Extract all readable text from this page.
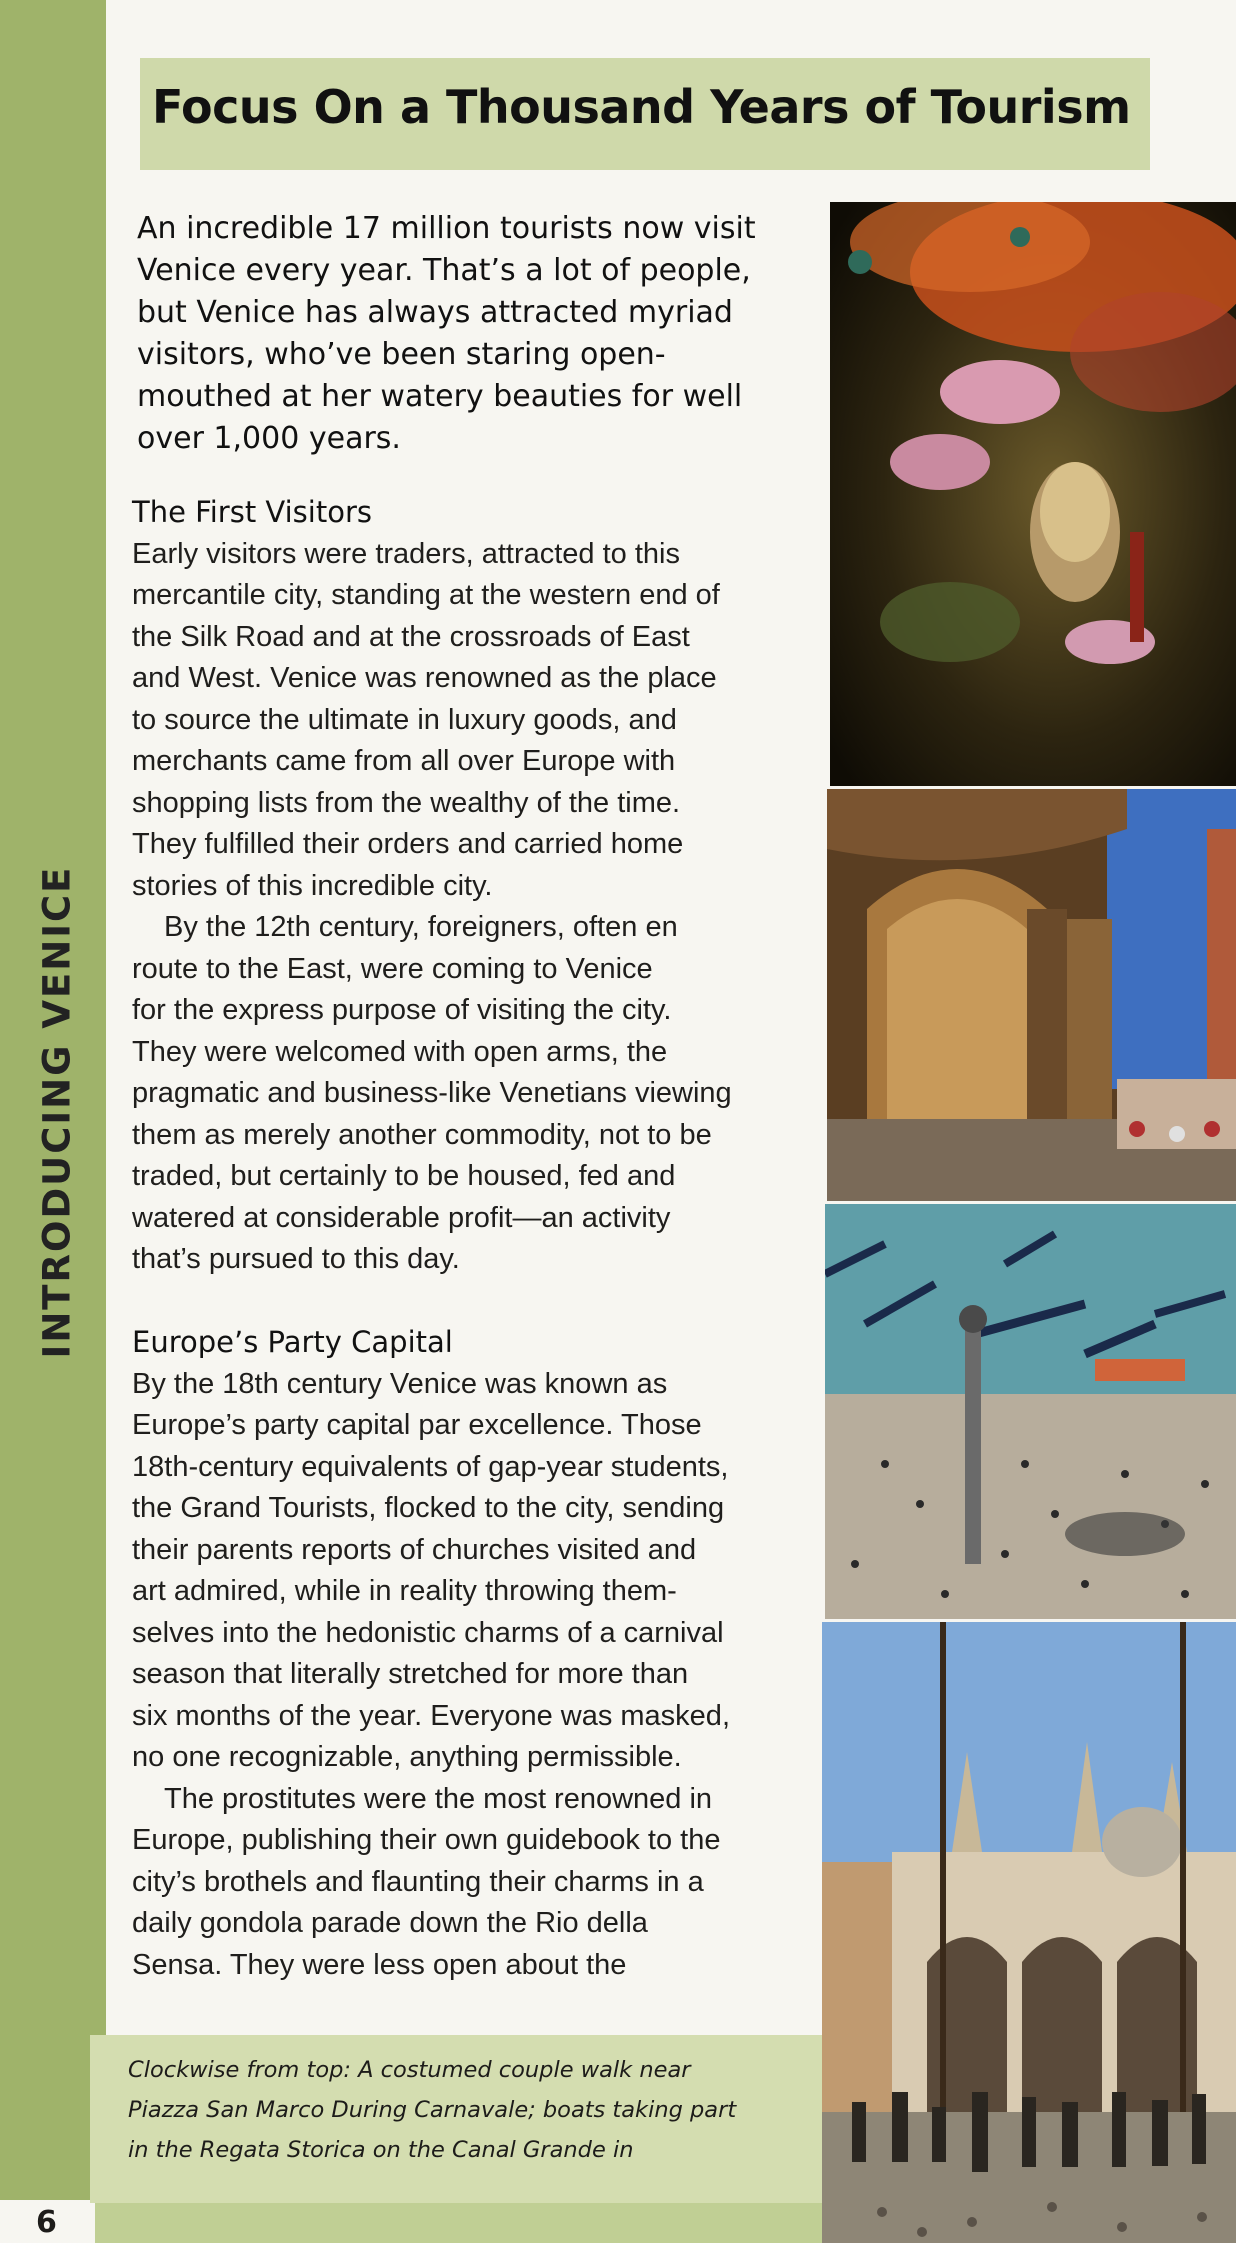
INTRODUCING VENICE
6
Focus On a Thousand Years of Tourism

An incredible 17 million tourists now visit
Venice every year. That’s a lot of people,
but Venice has always attracted myriad
visitors, who’ve been staring open-
mouthed at her watery beauties for well
over 1,000 years.

The First Visitors

Early visitors were traders, attracted to this
mercantile city, standing at the western end of
the Silk Road and at the crossroads of East
and West. Venice was renowned as the place
to source the ultimate in luxury goods, and
merchants came from all over Europe with
shopping lists from the wealthy of the time.
They fulfilled their orders and carried home
stories of this incredible city.

By the 12th century, foreigners, often en
route to the East, were coming to Venice
for the express purpose of visiting the city.
They were welcomed with open arms, the
pragmatic and business-like Venetians viewing
them as merely another commodity, not to be
traded, but certainly to be housed, fed and
watered at considerable profit—an activity
that’s pursued to this day.

Europe’s Party Capital

By the 18th century Venice was known as
Europe’s party capital par excellence. Those
18th-century equivalents of gap-year students,
the Grand Tourists, flocked to the city, sending
their parents reports of churches visited and
art admired, while in reality throwing them-
selves into the hedonistic charms of a carnival
season that literally stretched for more than
six months of the year. Everyone was masked,
no one recognizable, anything permissible.

The prostitutes were the most renowned in
Europe, publishing their own guidebook to the
city’s brothels and flaunting their charms in a
daily gondola parade down the Rio della
Sensa. They were less open about the

Clockwise from top: A costumed couple walk near
Piazza San Marco During Carnavale; boats taking part
in the Regata Storica on the Canal Grande in
